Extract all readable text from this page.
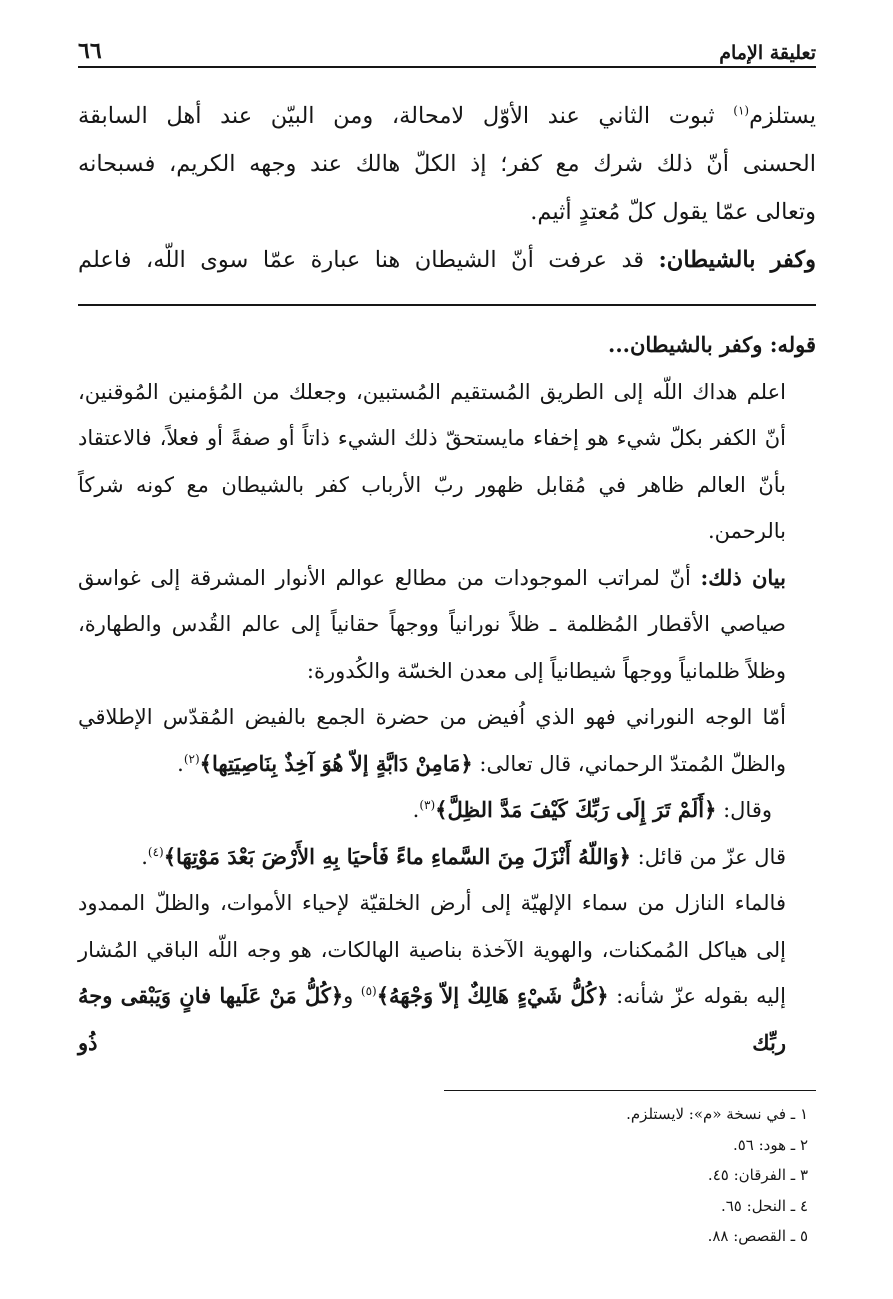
تعليقة الإمام
٦٦

يستلزم$^{(١)}$ ثبوت الثاني عند الأوّل لامحالة، ومن البيّن عند أهل السابقة

الحسنى أنّ ذلك شرك مع كفر؛ إذ الكلّ هالك عند وجهه الكريم، فسبحانه

وتعالى عمّا يقول كلّ مُعتدٍ أثيم.

وكفر بالشيطان: قد عرفت أنّ الشيطان هنا عبارة عمّا سوى اللّه، فاعلم

قوله: وكفر بالشيطان...

اعلم هداك اللّه إلى الطريق المُستقيم المُستبين، وجعلك من المُؤمنين المُوقنين، أنّ الكفر بكلّ شيء هو إخفاء مايستحقّ ذلك الشيء ذاتاً أو صفةً أو فعلاً، فالاعتقاد بأنّ العالم ظاهر في مُقابل ظهور ربّ الأرباب كفر بالشيطان مع كونه شركاً بالرحمن.

بيان ذلك: أنّ لمراتب الموجودات من مطالع عوالم الأنوار المشرقة إلى غواسق صياصي الأقطار المُظلمة ـ ظلاً نورانياً ووجهاً حقانياً إلى عالم القُدس والطهارة، وظلاً ظلمانياً ووجهاً شيطانياً إلى معدن الخسّة والكُدورة:

أمّا الوجه النوراني فهو الذي اُفيض من حضرة الجمع بالفيض المُقدّس الإطلاقي والظلّ المُمتدّ الرحماني، قال تعالى: ﴿مَامِنْ دَابَّةٍ إلاّ هُوَ آخِذٌ بِنَاصِيَتِها﴾$^{(٢)}$.

وقال: ﴿أَلَمْ تَرَ إِلَى رَبِّكَ كَيْفَ مَدَّ الظِلَّ﴾$^{(٣)}$.

قال عزّ من قائل: ﴿وَاللّهُ أَنْزَلَ مِنَ السَّماءِ ماءً فَأحيَا بِهِ الأَرْضَ بَعْدَ مَوْتِهَا﴾$^{(٤)}$.

فالماء النازل من سماء الإلهيّة إلى أرض الخلقيّة لإحياء الأموات، والظلّ الممدود إلى هياكل المُمكنات، والهوية الآخذة بناصية الهالكات، هو وجه اللّه الباقي المُشار إليه بقوله عزّ شأنه: ﴿كُلُّ شَيْءٍ هَالِكٌ إلاّ وَجْهَهُ﴾$^{(٥)}$ و﴿كُلُّ مَنْ عَلَيها فانٍ وَيَبْقى وجهُ ربِّك ذُو

١ ـ في نسخة «م»: لايستلزم.
٢ ـ هود: ٥٦.
٣ ـ الفرقان: ٤٥.
٤ ـ النحل: ٦٥.
٥ ـ القصص: ٨٨.
